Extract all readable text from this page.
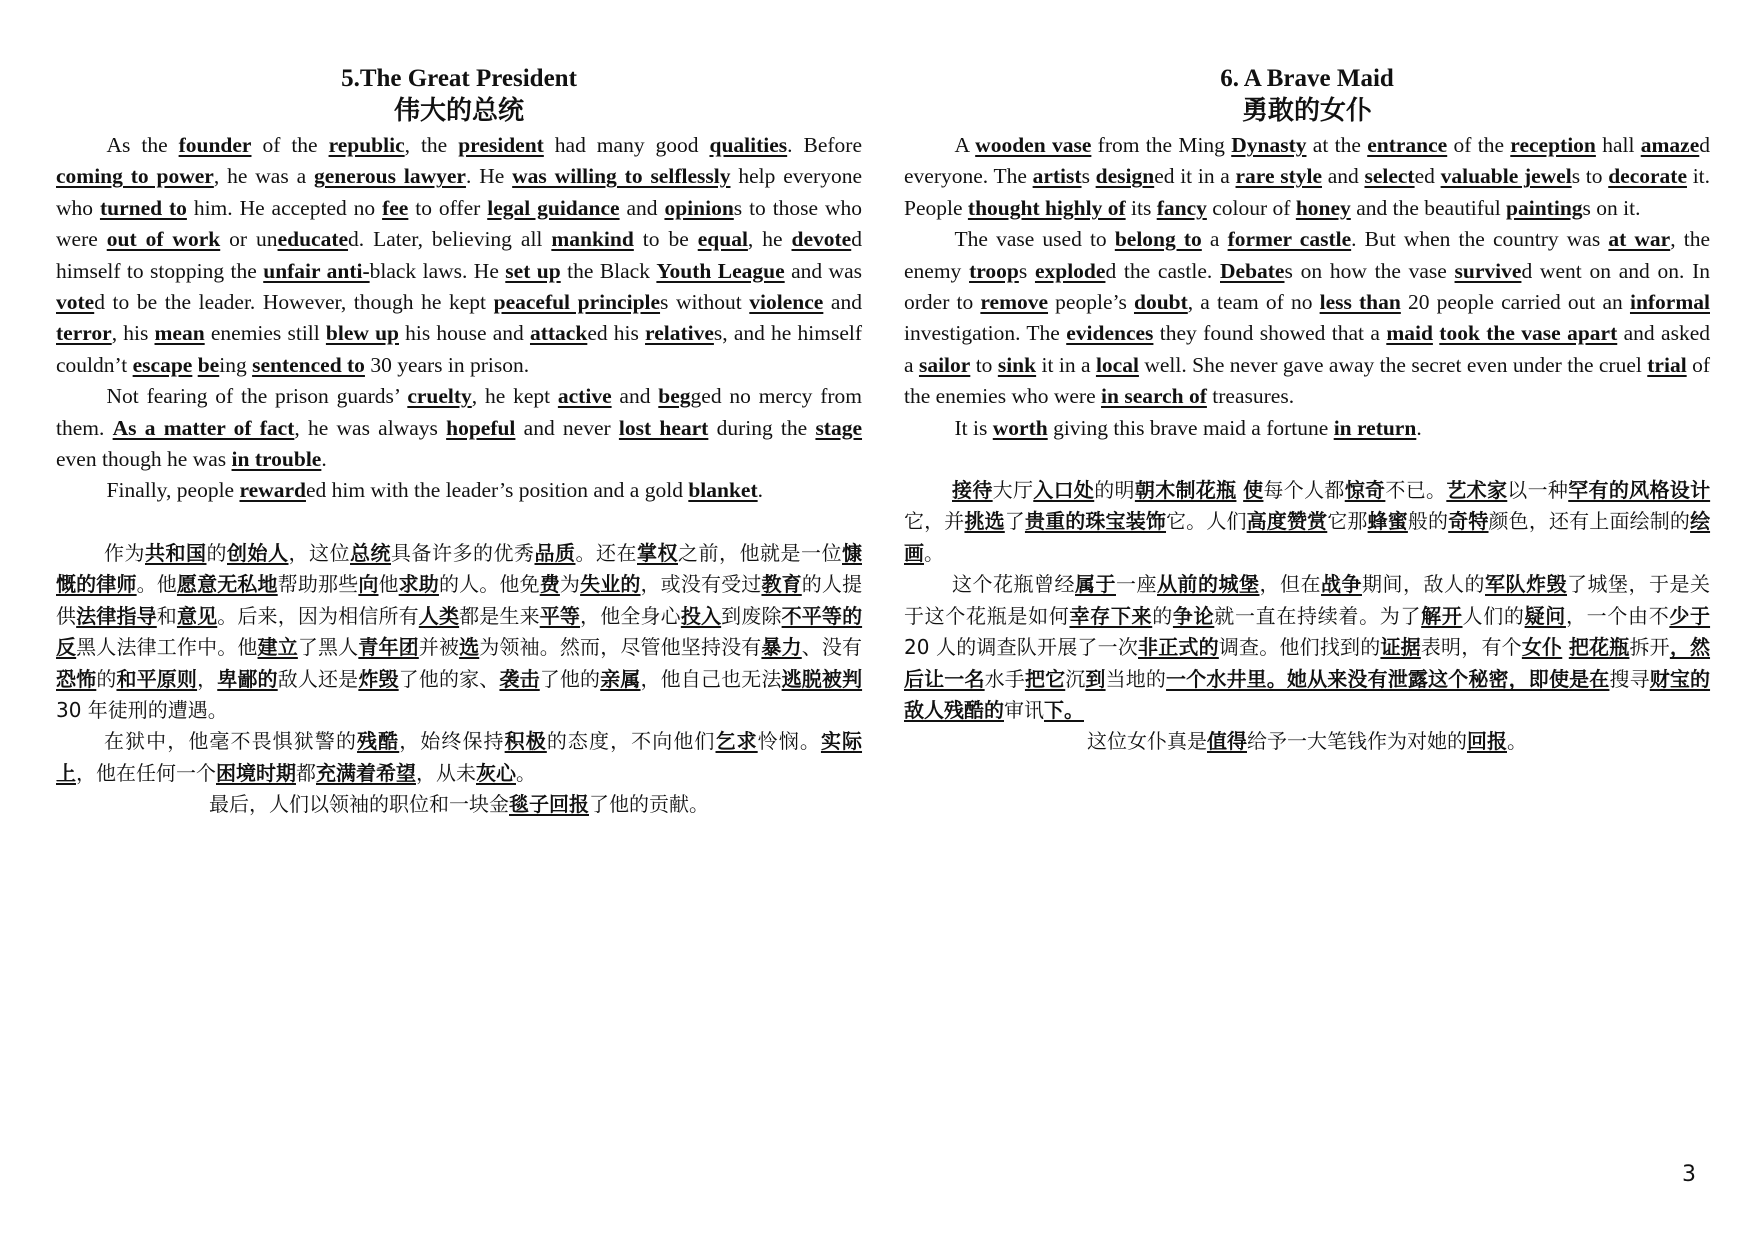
5.The Great President
伟大的总统

As the founder of the republic, the president had many good qualities. Before coming to power, he was a generous lawyer. He was willing to selflessly help everyone who turned to him. He accepted no fee to offer legal guidance and opinions to those who were out of work or uneducated. Later, believing all mankind to be equal, he devoted himself to stopping the unfair anti-black laws. He set up the Black Youth League and was voted to be the leader. However, though he kept peaceful principles without violence and terror, his mean enemies still blew up his house and attacked his relatives, and he himself couldn’t escape being sentenced to 30 years in prison.

Not fearing of the prison guards’ cruelty, he kept active and begged no mercy from them. As a matter of fact, he was always hopeful and never lost heart during the stage even though he was in trouble.

Finally, people rewarded him with the leader’s position and a gold blanket.

作为共和国的创始人，这位总统具备许多的优秀品质。还在掌权之前，他就是一位慷慨的律师。他愿意无私地帮助那些向他求助的人。他免费为失业的，或没有受过教育的人提供法律指导和意见。后来，因为相信所有人类都是生来平等，他全身心投入到废除不平等的反黑人法律工作中。他建立了黑人青年团并被选为领袖。然而，尽管他坚持没有暴力、没有恐怖的和平原则，卑鄙的敌人还是炸毁了他的家、袭击了他的亲属，他自己也无法逃脱被判 30 年徒刑的遭遇。

在狱中，他毫不畏惧狱警的残酷，始终保持积极的态度，不向他们乞求怜悯。实际上，他在任何一个困境时期都充满着希望，从未灰心。

最后，人们以领袖的职位和一块金毯子回报了他的贡献。

6. A Brave Maid
勇敢的女仆

A wooden vase from the Ming Dynasty at the entrance of the reception hall amazed everyone. The artists designed it in a rare style and selected valuable jewels to decorate it. People thought highly of its fancy colour of honey and the beautiful paintings on it.

The vase used to belong to a former castle. But when the country was at war, the enemy troops exploded the castle. Debates on how the vase survived went on and on. In order to remove people’s doubt, a team of no less than 20 people carried out an informal investigation. The evidences they found showed that a maid took the vase apart and asked a sailor to sink it in a local well. She never gave away the secret even under the cruel trial of the enemies who were in search of treasures.

It is worth giving this brave maid a fortune in return.

接待大厅入口处的明朝木制花瓶 使每个人都惊奇不已。艺术家以一种罕有的风格设计它，并挑选了贵重的珠宝装饰它。人们高度赞赏它那蜂蜜般的奇特颜色，还有上面绘制的绘画。

这个花瓶曾经属于一座从前的城堡，但在战争期间，敌人的军队炸毁了城堡，于是关于这个花瓶是如何幸存下来的争论就一直在持续着。为了解开人们的疑问，一个由不少于 20 人的调查队开展了一次非正式的调查。他们找到的证据表明，有个女仆 把花瓶拆开，然后让一名水手把它沉到当地的一个水井里。她从来没有泄露这个秘密，即使是在搜寻财宝的敌人残酷的审讯下。

这位女仆真是值得给予一大笔钱作为对她的回报。

3
